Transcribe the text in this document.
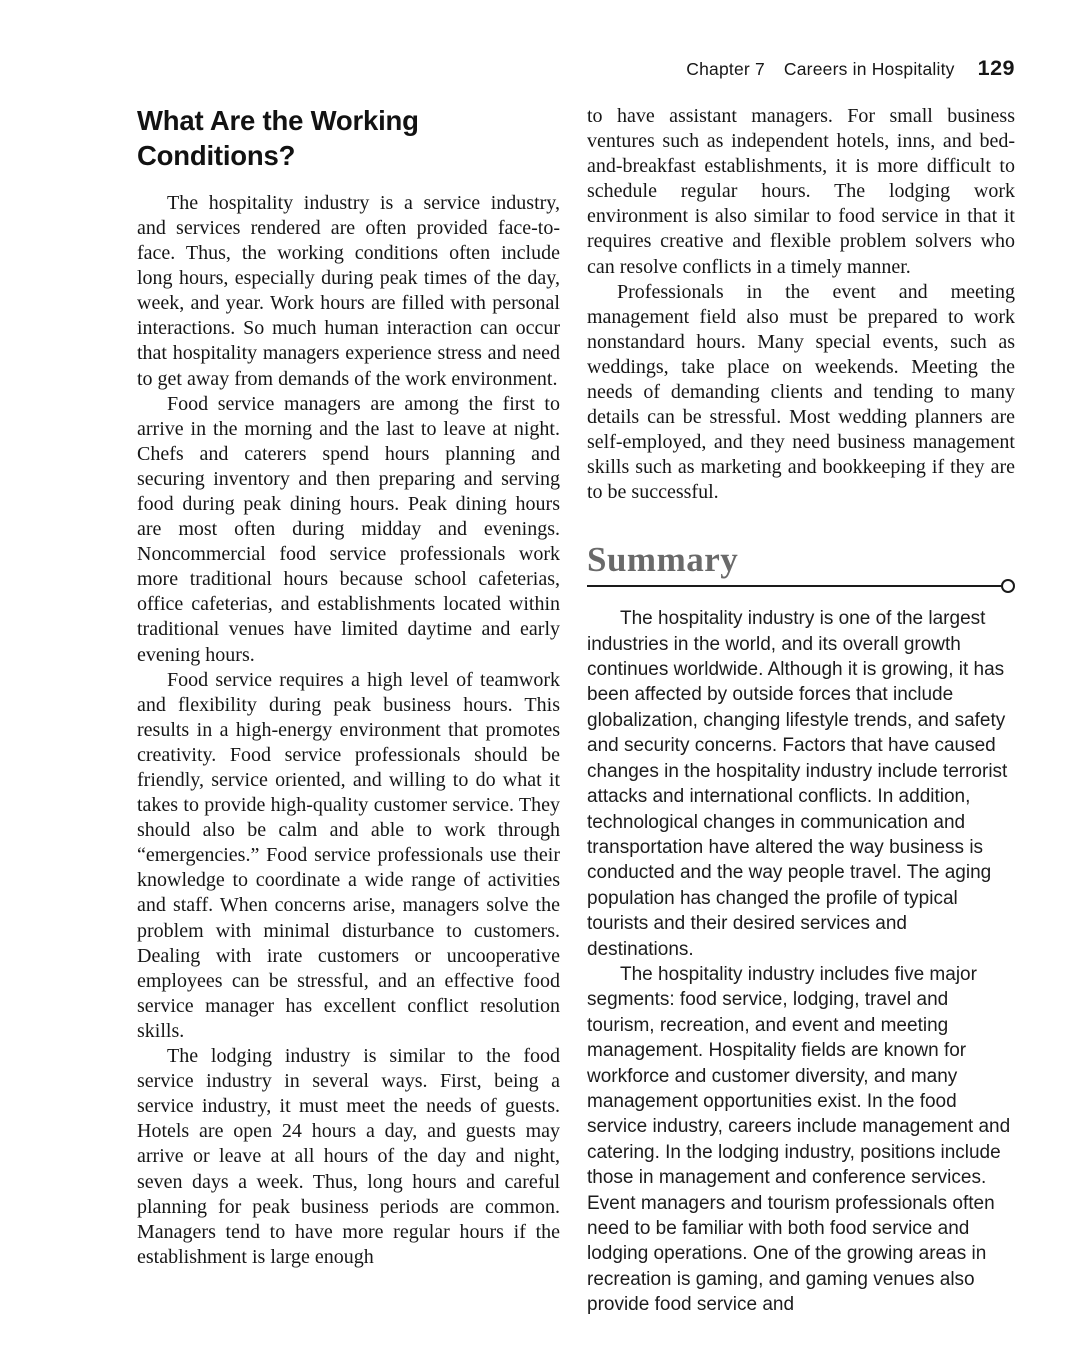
Chapter 7 Careers in Hospitality 129
What Are the Working Conditions?

The hospitality industry is a service industry, and services rendered are often provided face-to-face. Thus, the working conditions often include long hours, especially during peak times of the day, week, and year. Work hours are filled with personal interactions. So much human interaction can occur that hospitality managers experience stress and need to get away from demands of the work environment.

Food service managers are among the first to arrive in the morning and the last to leave at night. Chefs and caterers spend hours planning and securing inventory and then preparing and serving food during peak dining hours. Peak dining hours are most often during midday and evenings. Noncommercial food service professionals work more traditional hours because school cafeterias, office cafeterias, and establishments located within traditional venues have limited daytime and early evening hours.

Food service requires a high level of teamwork and flexibility during peak business hours. This results in a high-energy environment that promotes creativity. Food service professionals should be friendly, service oriented, and willing to do what it takes to provide high-quality customer service. They should also be calm and able to work through “emergencies.” Food service professionals use their knowledge to coordinate a wide range of activities and staff. When concerns arise, managers solve the problem with minimal disturbance to customers. Dealing with irate customers or uncooperative employees can be stressful, and an effective food service manager has excellent conflict resolution skills.

The lodging industry is similar to the food service industry in several ways. First, being a service industry, it must meet the needs of guests. Hotels are open 24 hours a day, and guests may arrive or leave at all hours of the day and night, seven days a week. Thus, long hours and careful planning for peak business periods are common. Managers tend to have more regular hours if the establishment is large enough

to have assistant managers. For small business ventures such as independent hotels, inns, and bed-and-breakfast establishments, it is more difficult to schedule regular hours. The lodging work environment is also similar to food service in that it requires creative and flexible problem solvers who can resolve conflicts in a timely manner.

Professionals in the event and meeting management field also must be prepared to work nonstandard hours. Many special events, such as weddings, take place on weekends. Meeting the needs of demanding clients and tending to many details can be stressful. Most wedding planners are self-employed, and they need business management skills such as marketing and bookkeeping if they are to be successful.

Summary

The hospitality industry is one of the largest industries in the world, and its overall growth continues worldwide. Although it is growing, it has been affected by outside forces that include globalization, changing lifestyle trends, and safety and security concerns. Factors that have caused changes in the hospitality industry include terrorist attacks and international conflicts. In addition, technological changes in communication and transportation have altered the way business is conducted and the way people travel. The aging population has changed the profile of typical tourists and their desired services and destinations.

The hospitality industry includes five major segments: food service, lodging, travel and tourism, recreation, and event and meeting management. Hospitality fields are known for workforce and customer diversity, and many management opportunities exist. In the food service industry, careers include management and catering. In the lodging industry, positions include those in management and conference services. Event managers and tourism professionals often need to be familiar with both food service and lodging operations. One of the growing areas in recreation is gaming, and gaming venues also provide food service and
